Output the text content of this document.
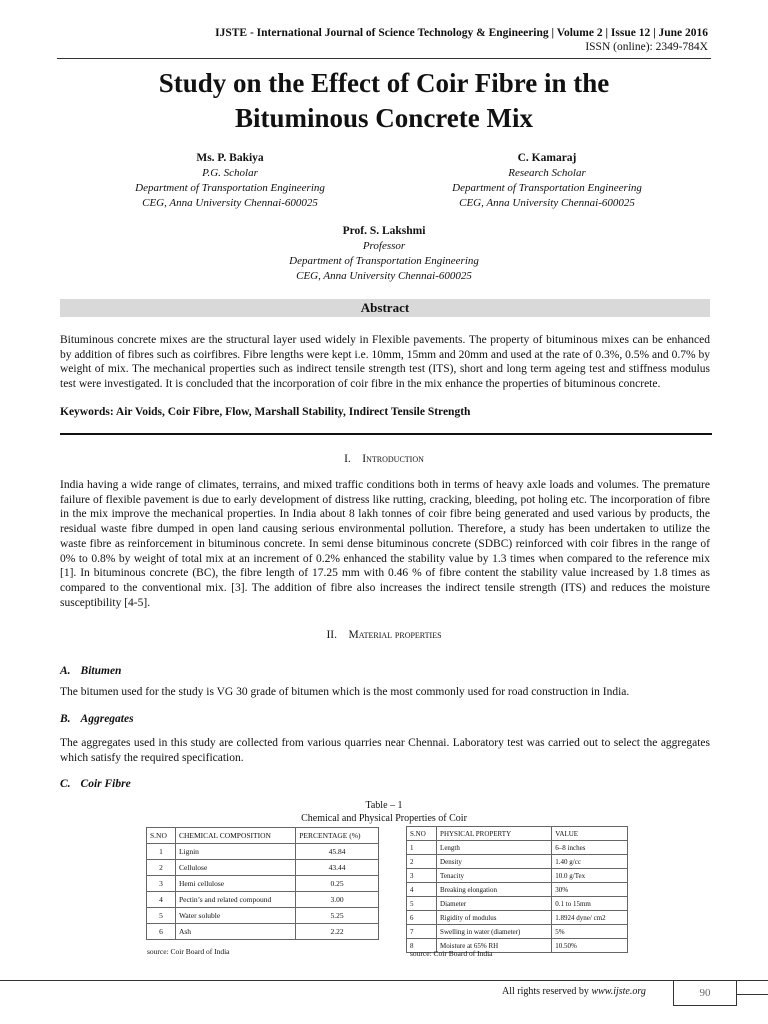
IJSTE - International Journal of Science Technology & Engineering | Volume 2 | Issue 12 | June 2016
ISSN (online): 2349-784X
Study on the Effect of Coir Fibre in the
Bituminous Concrete Mix
Ms. P. Bakiya
P.G. Scholar
Department of Transportation Engineering
CEG, Anna University Chennai-600025
C. Kamaraj
Research Scholar
Department of Transportation Engineering
CEG, Anna University Chennai-600025
Prof. S. Lakshmi
Professor
Department of Transportation Engineering
CEG, Anna University Chennai-600025
Abstract
Bituminous concrete mixes are the structural layer used widely in Flexible pavements. The property of bituminous mixes can be enhanced by addition of fibres such as coirfibres. Fibre lengths were kept i.e. 10mm, 15mm and 20mm and used at the rate of 0.3%, 0.5% and 0.7% by weight of mix. The mechanical properties such as indirect tensile strength test (ITS), short and long term ageing test and stiffness modulus test were investigated. It is concluded that the incorporation of coir fibre in the mix enhance the properties of bituminous concrete.
Keywords: Air Voids, Coir Fibre, Flow, Marshall Stability, Indirect Tensile Strength
I. Introduction
India having a wide range of climates, terrains, and mixed traffic conditions both in terms of heavy axle loads and volumes. The premature failure of flexible pavement is due to early development of distress like rutting, cracking, bleeding, pot holing etc. The incorporation of fibre in the mix improve the mechanical properties. In India about 8 lakh tonnes of coir fibre being generated and used various by products, the residual waste fibre dumped in open land causing serious environmental pollution. Therefore, a study has been undertaken to utilize the waste fibre as reinforcement in bituminous concrete. In semi dense bituminous concrete (SDBC) reinforced with coir fibres in the range of 0% to 0.8% by weight of total mix at an increment of 0.2% enhanced the stability value by 1.3 times when compared to the reference mix [1]. In bituminous concrete (BC), the fibre length of 17.25 mm with 0.46 % of fibre content the stability value increased by 1.8 times as compared to the conventional mix. [3]. The addition of fibre also increases the indirect tensile strength (ITS) and reduces the moisture susceptibility [4-5].
II. Material properties
A. Bitumen
The bitumen used for the study is VG 30 grade of bitumen which is the most commonly used for road construction in India.
B. Aggregates
The aggregates used in this study are collected from various quarries near Chennai. Laboratory test was carried out to select the aggregates which satisfy the required specification.
C. Coir Fibre
Table – 1
Chemical and Physical Properties of Coir
S.NO	CHEMICAL COMPOSITION	PERCENTAGE (%)
1	Lignin	45.84
2	Cellulose	43.44
3	Hemi cellulose	0.25
4	Pectin’s and related compound	3.00
5	Water soluble	5.25
6	Ash	2.22
source: Coir Board of India
S.NO	PHYSICAL PROPERTY	VALUE
1	Length	6–8 inches
2	Density	1.40 g/cc
3	Tenacity	10.0 g/Tex
4	Breaking elongation	30%
5	Diameter	0.1 to 15mm
6	Rigidity of modulus	1.8924 dyne/ cm2
7	Swelling in water (diameter)	5%
8	Moisture at 65% RH	10.50%
source: Coir Board of India
All rights reserved by www.ijste.org	90
